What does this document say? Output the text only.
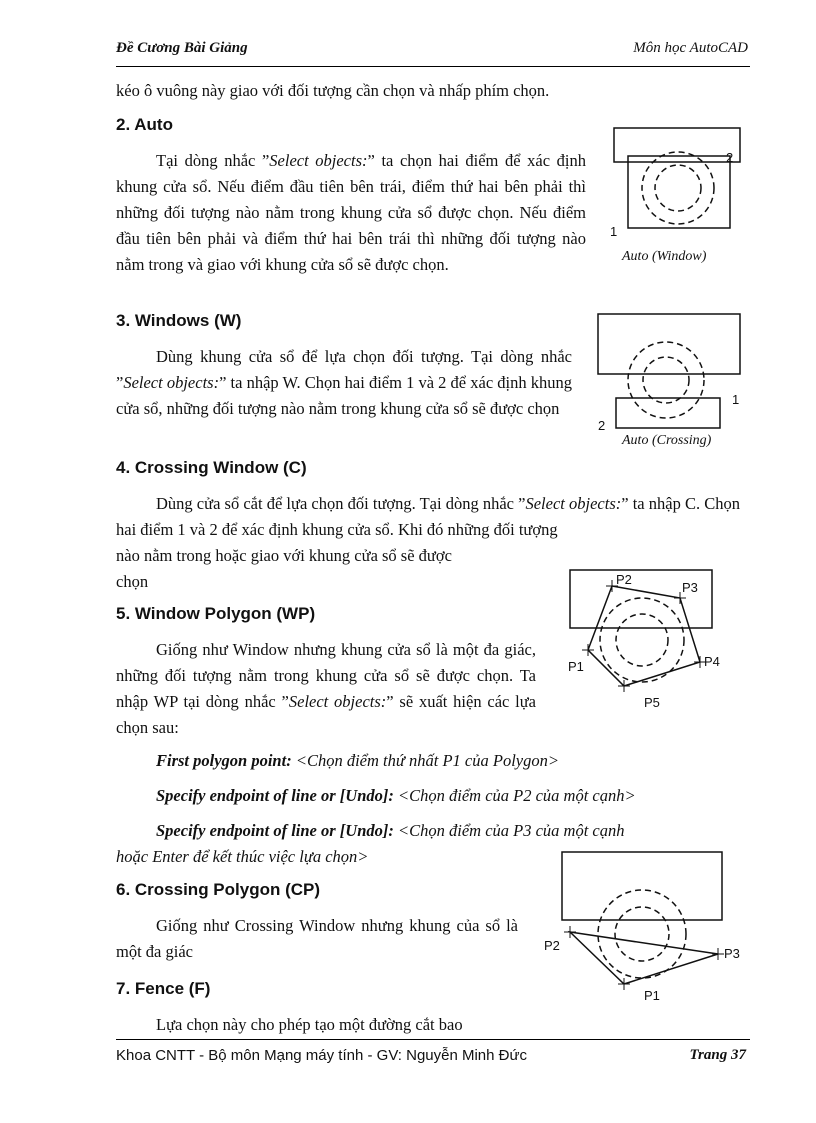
Đề Cương Bài Giảng	Môn học AutoCAD

kéo ô vuông này giao với đối tượng cần chọn và nhấp phím chọn.

2. Auto

Tại dòng nhắc ”Select objects:” ta chọn hai điểm để xác định khung cửa sổ. Nếu điểm đầu tiên bên trái, điểm thứ hai bên phải thì những đối tượng nào nằm trong khung cửa sổ được chọn. Nếu điểm đầu tiên bên phải và điểm thứ hai bên trái thì những đối tượng nào nằm trong và giao với khung cửa sổ sẽ được chọn.

2
1
Auto (Window)
3. Windows (W)

Dùng khung cửa sổ để lựa chọn đối tượng. Tại dòng nhắc ”Select objects:” ta nhập W. Chọn hai điểm 1 và 2 để xác định khung cửa sổ, những đối tượng nào nằm trong khung cửa sổ sẽ được chọn	1
2
Auto (Crossing)
4. Crossing Window (C)

Dùng cửa sổ cắt để lựa chọn đối tượng. Tại dòng nhắc ”Select objects:” ta nhập C. Chọn hai điểm 1 và 2 để xác định khung cửa sổ. Khi đó những đối tượng

nào nằm trong hoặc giao với khung cửa sổ sẽ được

chọn	P2
P3
P4
P1
P5
5. Window Polygon (WP)

Giống như Window nhưng khung cửa sổ là một đa giác, những đối tượng nằm trong khung cửa sổ sẽ được chọn. Ta nhập WP tại dòng nhắc ”Select objects:” sẽ xuất hiện các lựa chọn sau:

First polygon point: <Chọn điểm thứ nhất P1 của Polygon>
Specify endpoint of line or [Undo]: <Chọn điểm của P2 của một cạnh>
Specify endpoint of line or [Undo]: <Chọn điểm của P3 của một cạnh
hoặc Enter để kết thúc việc lựa chọn>
6. Crossing Polygon (CP)

Giống như Crossing Window nhưng khung của sổ là một đa giác	P2
P3
P1
7. Fence (F)

Lựa chọn này cho phép tạo một đường cắt bao

Khoa CNTT - Bộ môn Mạng máy tính - GV: Nguyễn Minh Đức	Trang 37
